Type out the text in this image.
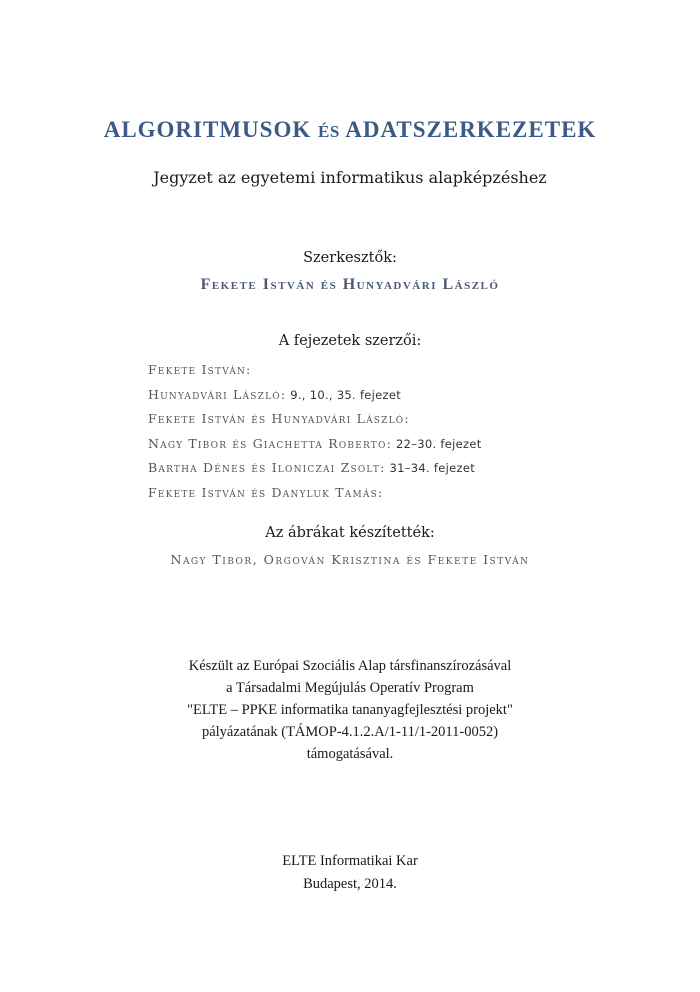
ALGORITMUSOK ÉS ADATSZERKEZETEK
Jegyzet az egyetemi informatikus alapképzéshez
Szerkesztők:
Fekete István és Hunyadvári László
A fejezetek szerzői:
Fekete István:
Hunyadvári László: 9., 10., 35. fejezet
Fekete István és Hunyadvári László:
Nagy Tibor és Giachetta Roberto: 22–30. fejezet
Bartha Dénes és Iloniczai Zsolt: 31–34. fejezet
Fekete István és Danyluk Tamás:
Az ábrákat készítették:
Nagy Tibor, Orgován Krisztina és Fekete István
Készült az Európai Szociális Alap társfinanszírozásával
a Társadalmi Megújulás Operatív Program
"ELTE – PPKE informatika tananyagfejlesztési projekt"
pályázatának (TÁMOP-4.1.2.A/1-11/1-2011-0052)
támogatásával.
ELTE Informatikai Kar
Budapest, 2014.
